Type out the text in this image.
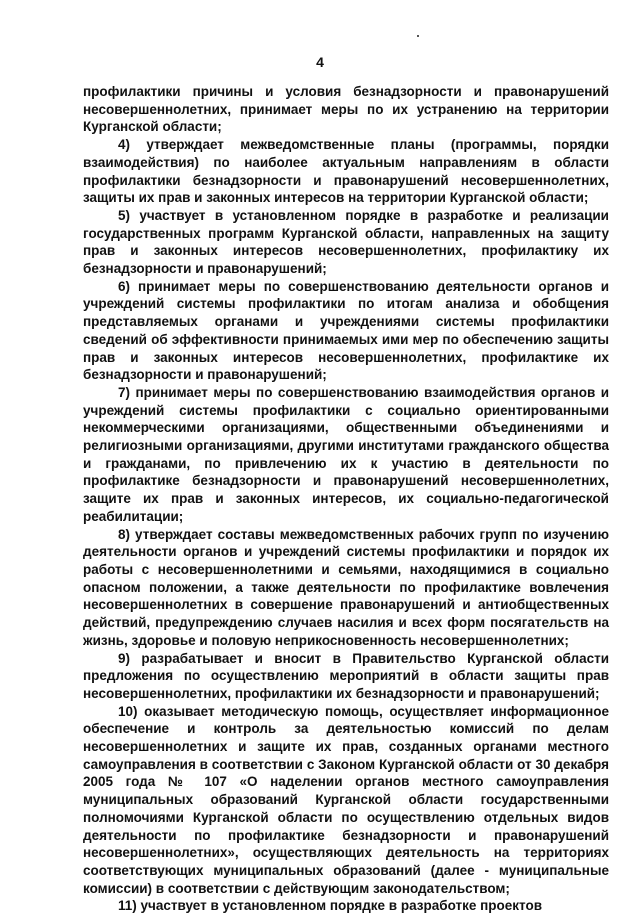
4

профилактики причины и условия безнадзорности и правонарушений несовершеннолетних, принимает меры по их устранению на территории Курганской области;

4) утверждает межведомственные планы (программы, порядки взаимодействия) по наиболее актуальным направлениям в области профилактики безнадзорности и правонарушений несовершеннолетних, защиты их прав и законных интересов на территории Курганской области;

5) участвует в установленном порядке в разработке и реализации государственных программ Курганской области, направленных на защиту прав и законных интересов несовершеннолетних, профилактику их безнадзорности и правонарушений;

6) принимает меры по совершенствованию деятельности органов и учреждений системы профилактики по итогам анализа и обобщения представляемых органами и учреждениями системы профилактики сведений об эффективности принимаемых ими мер по обеспечению защиты прав и законных интересов несовершеннолетних, профилактике их безнадзорности и правонарушений;

7) принимает меры по совершенствованию взаимодействия органов и учреждений системы профилактики с социально ориентированными некоммерческими организациями, общественными объединениями и религиозными организациями, другими институтами гражданского общества и гражданами, по привлечению их к участию в деятельности по профилактике безнадзорности и правонарушений несовершеннолетних, защите их прав и законных интересов, их социально-педагогической реабилитации;

8) утверждает составы межведомственных рабочих групп по изучению деятельности органов и учреждений системы профилактики и порядок их работы с несовершеннолетними и семьями, находящимися в социально опасном положении, а также деятельности по профилактике вовлечения несовершеннолетних в совершение правонарушений и антиобщественных действий, предупреждению случаев насилия и всех форм посягательств на жизнь, здоровье и половую неприкосновенность несовершеннолетних;

9) разрабатывает и вносит в Правительство Курганской области предложения по осуществлению мероприятий в области защиты прав несовершеннолетних, профилактики их безнадзорности и правонарушений;

10) оказывает методическую помощь, осуществляет информационное обеспечение и контроль за деятельностью комиссий по делам несовершеннолетних и защите их прав, созданных органами местного самоуправления в соответствии с Законом Курганской области от 30 декабря 2005 года № 107 «О наделении органов местного самоуправления муниципальных образований Курганской области государственными полномочиями Курганской области по осуществлению отдельных видов деятельности по профилактике безнадзорности и правонарушений несовершеннолетних», осуществляющих деятельность на территориях соответствующих муниципальных образований (далее - муниципальные комиссии) в соответствии с действующим законодательством;

11) участвует в установленном порядке в разработке проектов
